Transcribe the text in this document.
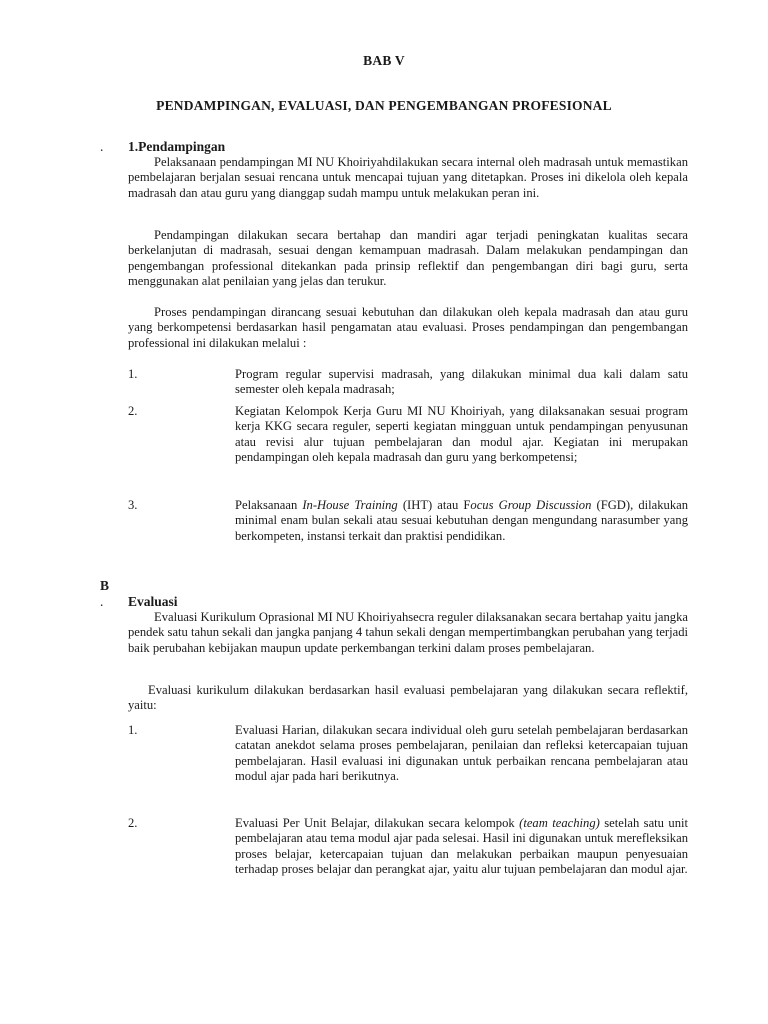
BAB V
PENDAMPINGAN, EVALUASI, DAN PENGEMBANGAN PROFESIONAL
. 1.Pendampingan
Pelaksanaan pendampingan MI NU Khoiriyahdilakukan secara internal oleh madrasah untuk memastikan pembelajaran berjalan sesuai rencana untuk mencapai tujuan yang ditetapkan. Proses ini dikelola oleh kepala madrasah dan atau guru yang dianggap sudah mampu untuk melakukan peran ini.
Pendampingan dilakukan secara bertahap dan mandiri agar terjadi peningkatan kualitas secara berkelanjutan di madrasah, sesuai dengan kemampuan madrasah. Dalam melakukan pendampingan dan pengembangan professional ditekankan pada prinsip reflektif dan pengembangan diri bagi guru, serta menggunakan alat penilaian yang jelas dan terukur.
Proses pendampingan dirancang sesuai kebutuhan dan dilakukan oleh kepala madrasah dan atau guru yang berkompetensi berdasarkan hasil pengamatan atau evaluasi. Proses pendampingan dan pengembangan professional ini dilakukan melalui :
1.	Program regular supervisi madrasah, yang dilakukan minimal dua kali dalam satu semester oleh kepala madrasah;
2.	Kegiatan Kelompok Kerja Guru MI NU Khoiriyah, yang dilaksanakan sesuai program kerja KKG secara reguler, seperti kegiatan mingguan untuk pendampingan penyusunan atau revisi alur tujuan pembelajaran dan modul ajar. Kegiatan ini merupakan pendampingan oleh kepala madrasah dan guru yang berkompetensi;
3.	Pelaksanaan In-House Training (IHT) atau Focus Group Discussion (FGD), dilakukan minimal enam bulan sekali atau sesuai kebutuhan dengan mengundang narasumber yang berkompeten, instansi terkait dan praktisi pendidikan.
B
. Evaluasi
Evaluasi Kurikulum Oprasional MI NU Khoiriyahsecra reguler dilaksanakan secara bertahap yaitu jangka pendek satu tahun sekali dan jangka panjang 4 tahun sekali dengan mempertimbangkan perubahan yang terjadi baik perubahan kebijakan maupun update perkembangan terkini dalam proses pembelajaran.
Evaluasi kurikulum dilakukan berdasarkan hasil evaluasi pembelajaran yang dilakukan secara reflektif, yaitu:
1.	Evaluasi Harian, dilakukan secara individual oleh guru setelah pembelajaran berdasarkan catatan anekdot selama proses pembelajaran, penilaian dan refleksi ketercapaian tujuan pembelajaran. Hasil evaluasi ini digunakan untuk perbaikan rencana pembelajaran atau modul ajar pada hari berikutnya.
2.	Evaluasi Per Unit Belajar, dilakukan secara kelompok (team teaching) setelah satu unit pembelajaran atau tema modul ajar pada selesai. Hasil ini digunakan untuk merefleksikan proses belajar, ketercapaian tujuan dan melakukan perbaikan maupun penyesuaian terhadap proses belajar dan perangkat ajar, yaitu alur tujuan pembelajaran dan modul ajar.
